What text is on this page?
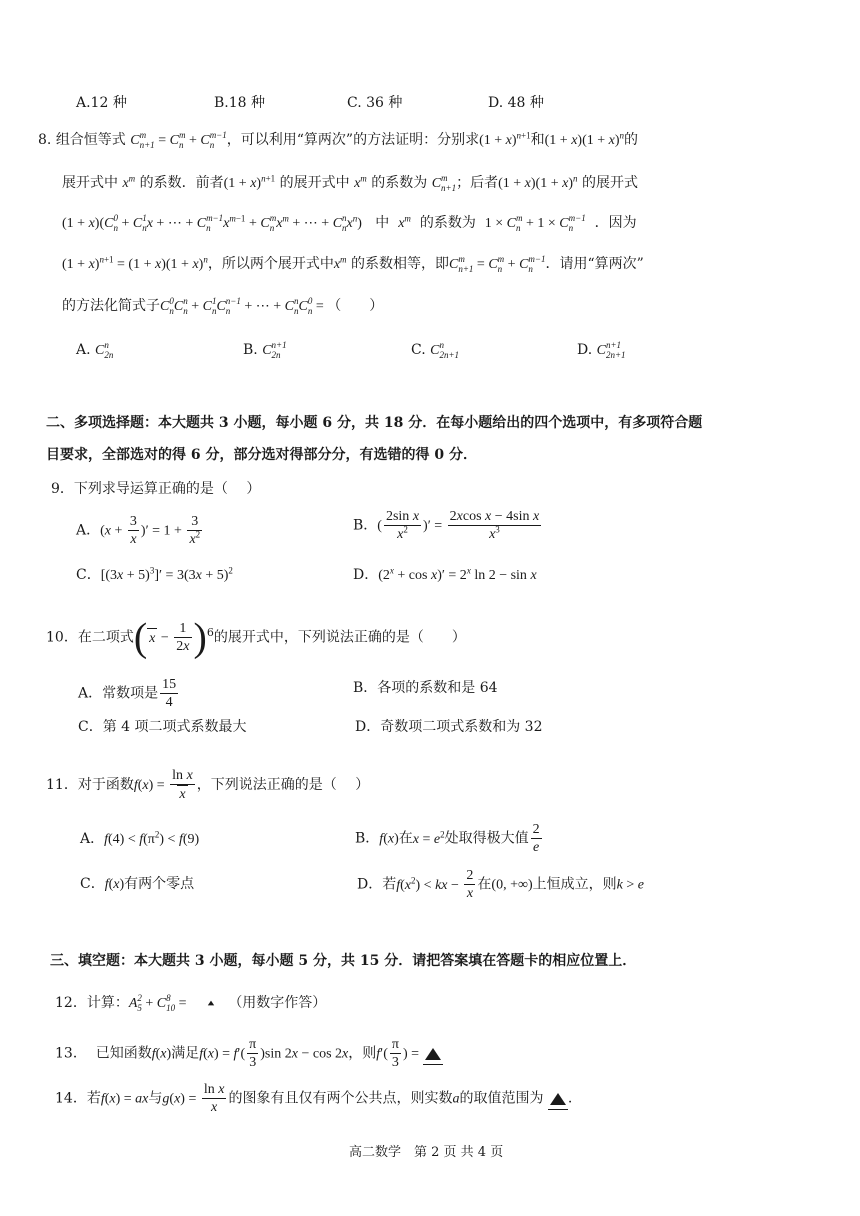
A.12 种	B.18 种	C. 36 种	D. 48 种
8. 组合恒等式 C m
n+1 = C m
n + C m−1
n ，可以利用“算两次”的方法证明：分别求$(1 + x)^{n+1}$和$(1 + x)(1 + x)^n$的
展开式中 $x^m$ 的系数．前者$(1 + x)^{n+1}$ 的展开式中 $x^m$ 的系数为 C m
n+1 ；后者$(1 + x)(1 + x)^n$ 的展开式
(1 + x)(C 0
n + C 1
n x + ⋯ + C m−1
n $x^{m-1} + C$ m
n $x^m$ + ⋯ + C n
n $x^n$) 中 $x^m$ 的系数为 1 × C m
n + 1 × C m−1
n	．因为
$(1 + x)^{n+1} = (1 + x)(1 + x)^n$，所以两个展开式中$x^m$ 的系数相等，即C m
n+1 = C m
n + C m−1
n ．请用“算两次”
的方法化简式子C 0
n C n
n + C 1
n C n−1
n + ⋯ + C n
n C 0
n = （　　）
A. C n
2n	B. C n+1
2n	C. C n
2n+1	D. C n+1
2n+1
二、多项选择题：本大题共 3 小题，每小题 6 分，共 18 分．在每小题给出的四个选项中，有多项符合题
目要求，全部选对的得 6 分，部分选对得部分分，有选错的得 0 分．
9．下列求导运算正确的是（　 ）
A．($x + \frac{3}{x}$ )′ = $1 + \frac{3}{x^2}$	B．( $\frac{\text{2sin x}}{x^2}$ )′ = $\frac{\text{2xcos x − 4sin x}}{x^3}$
C．$[(3x + 5)^3]' = 3(3x + 5)^2$	D．$(2^x + \cos x)' = 2^x$ ln 2 − sin x
10．在二项式( $x - \frac{1}{2x} )^6$的展开式中，下列说法正确的是（　　）
A．常数项是 $\frac{15}{4}$	B．各项的系数和是 64
C．第 4 项二项式系数最大	D．奇数项二项式系数和为 32
11．对于函数$f(x) = \frac{\text{ln x}}{x}$ ，下列说法正确的是（　 ）
A．$f(4) < f(\pi^2) < f(9)$	B．f(x)在$x = e^2$处取得极大值 $\frac{2}{e}$
C．f(x)有两个零点	D．若$f(x^2)$ < kx − $\frac{2}{x}$ 在(0, +∞)上恒成立，则k > e
三、填空题：本大题共 3 小题，每小题 5 分，共 15 分．请把答案填在答题卡的相应位置上．
12．计算：A 2
5 + C 8
10 =	（用数字作答）
13． 已知函数f(x)满足$f(x) = f'( \frac{\pi}{3} )\sin$ 2x − cos 2x，则$f'( \frac{\pi}{3}$ ) =
14．若f(x) = ax与$g(x) = \frac{\text{ln x}}{x}$ 的图象有且仅有两个公共点，则实数a的取值范围为 .
高二数学　第 2 页 共 4 页
